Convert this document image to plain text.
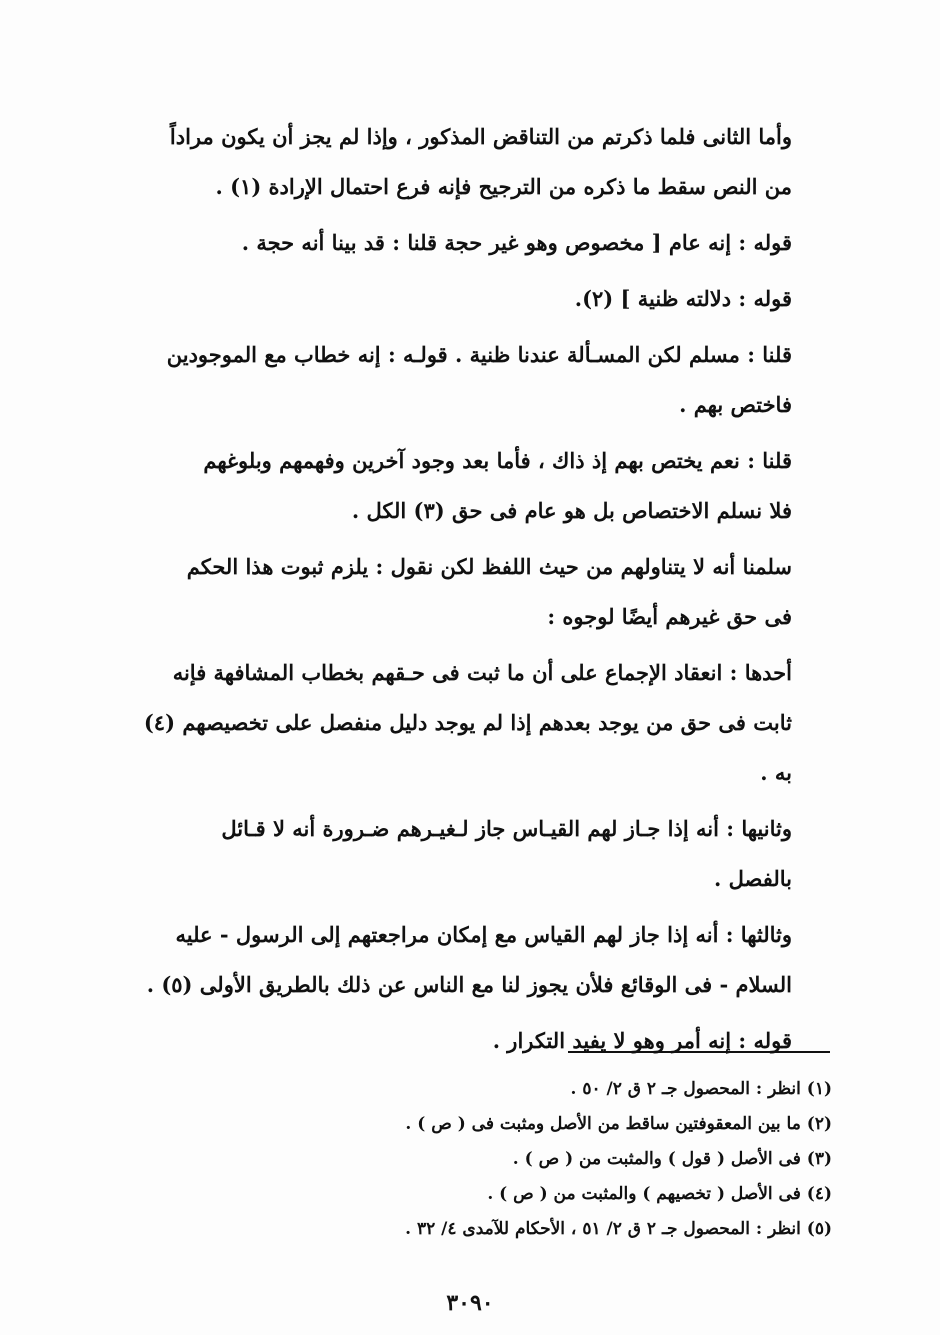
وأما الثانى فلما ذكرتم من التناقض المذكور ، وإذا لم يجز أن يكون مراداً
من النص سقط ما ذكره من الترجيح فإنه فرع احتمال الإرادة (١) .

قوله : إنه عام [ مخصوص وهو غير حجة قلنا : قد بينا أنه حجة .

قوله : دلالته ظنية ] (٢).

قلنا : مسلم لكن المسـألة عندنا ظنية . قولـه : إنه خطاب مع الموجودين
فاختص بهم .

قلنا : نعم يختص بهم إذ ذاك ، فأما بعد وجود آخرين وفهمهم وبلوغهم
فلا نسلم الاختصاص بل هو عام فى حق (٣) الكل .

سلمنا أنه لا يتناولهم من حيث اللفظ لكن نقول : يلزم ثبوت هذا الحكم
فى حق غيرهم أيضًا لوجوه :

أحدها : انعقاد الإجماع على أن ما ثبت فى حـقهم بخطاب المشافهة فإنه
ثابت فى حق من يوجد بعدهم إذا لم يوجد دليل منفصل على تخصيصهم (٤)
به .

وثانيها : أنه إذا جـاز لهم القيـاس جاز لـغيـرهم ضـرورة أنه لا قـائل
بالفصل .

وثالثها : أنه إذا جاز لهم القياس مع إمكان مراجعتهم إلى الرسول - عليه
السلام - فى الوقائع فلأن يجوز لنا مع الناس عن ذلك بالطريق الأولى (٥) .

قوله : إنه أمر وهو لا يفيد التكرار .

(١) انظر : المحصول جـ ٢ ق ٢/ ٥٠ .
(٢) ما بين المعقوفتين ساقط من الأصل ومثبت فى ( ص ) .
(٣) فى الأصل ( قول ) والمثبت من ( ص ) .
(٤) فى الأصل ( تخصيهم ) والمثبت من ( ص ) .
(٥) انظر : المحصول جـ ٢ ق ٢/ ٥١ ، الأحكام للآمدى ٤/ ٣٢ .
٣٠٩٠
